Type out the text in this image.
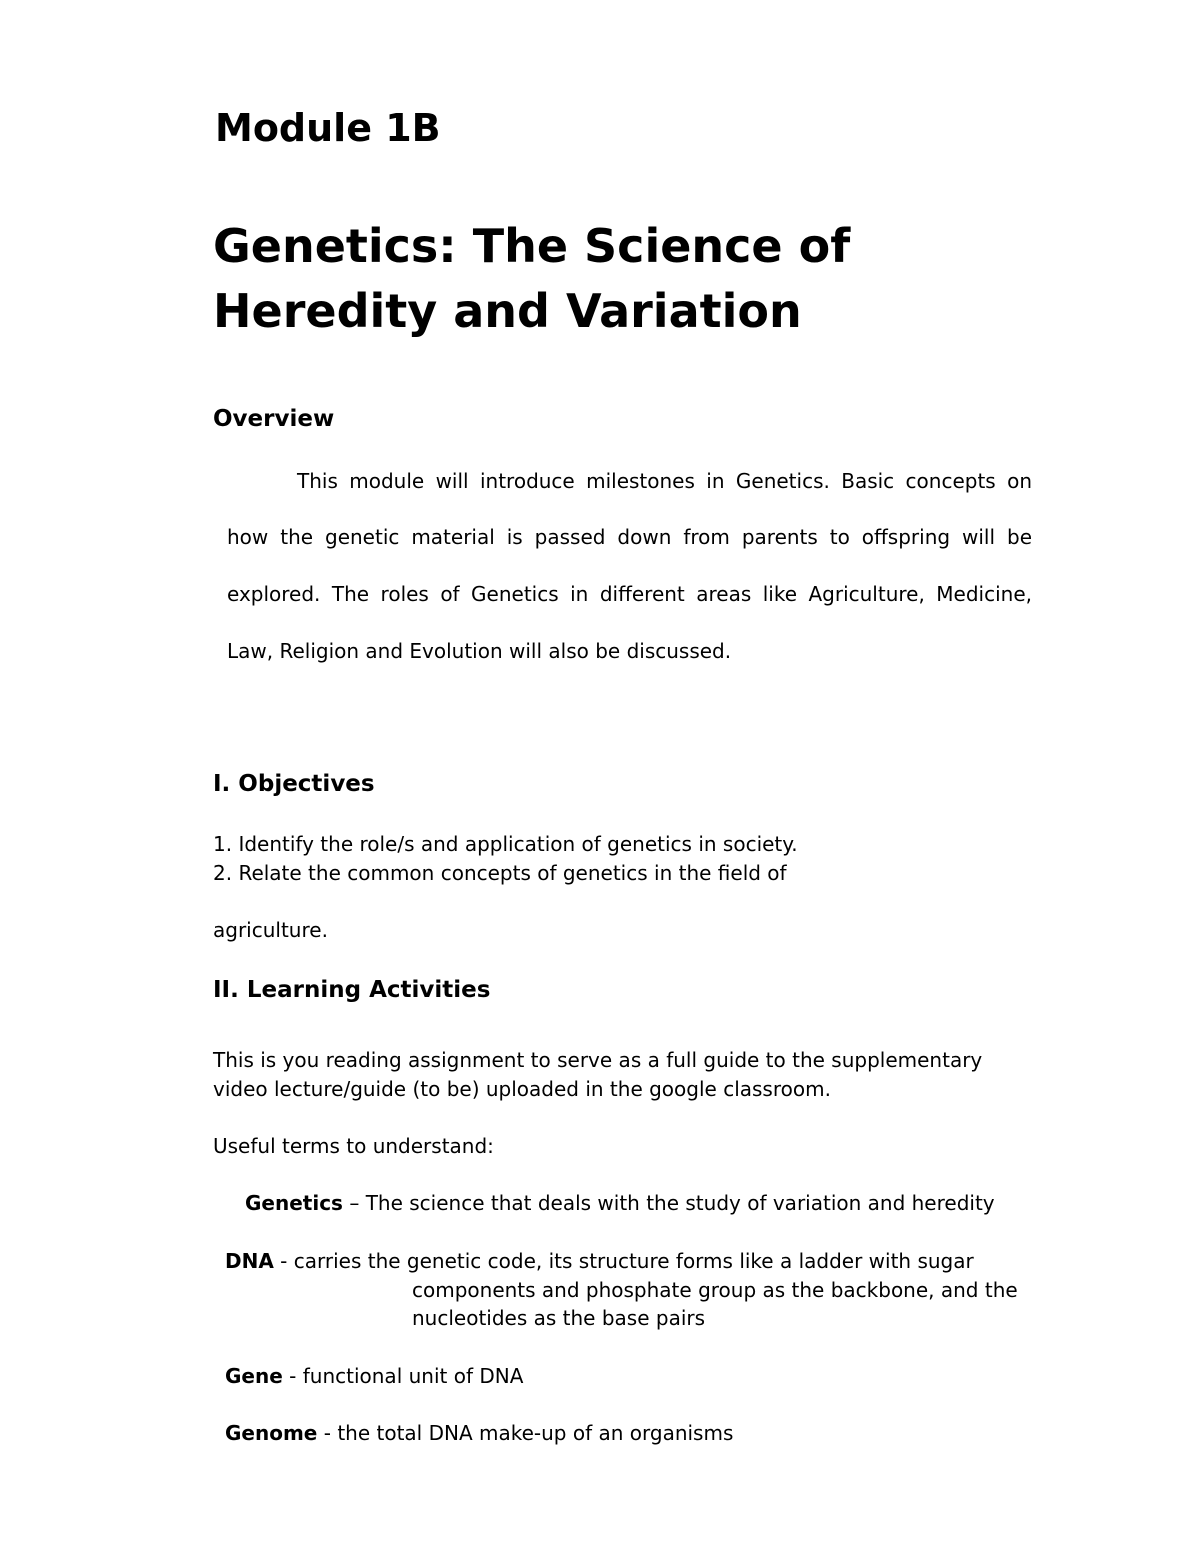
Module 1B
Genetics: The Science of
Heredity and Variation
Overview
This module will introduce milestones in Genetics. Basic concepts on
how the genetic material is passed down from parents to offspring will be
explored. The roles of Genetics in different areas like Agriculture, Medicine,
Law, Religion and Evolution will also be discussed.
I. Objectives
1. Identify the role/s and application of genetics in society.
2. Relate the common concepts of genetics in the field of
agriculture.
II. Learning Activities
This is you reading assignment to serve as a full guide to the supplementary
video lecture/guide (to be) uploaded in the google classroom.
Useful terms to understand:
Genetics – The science that deals with the study of variation and heredity
DNA - carries the genetic code, its structure forms like a ladder with sugar
components and phosphate group as the backbone, and the
nucleotides as the base pairs
Gene - functional unit of DNA
Genome - the total DNA make-up of an organisms
